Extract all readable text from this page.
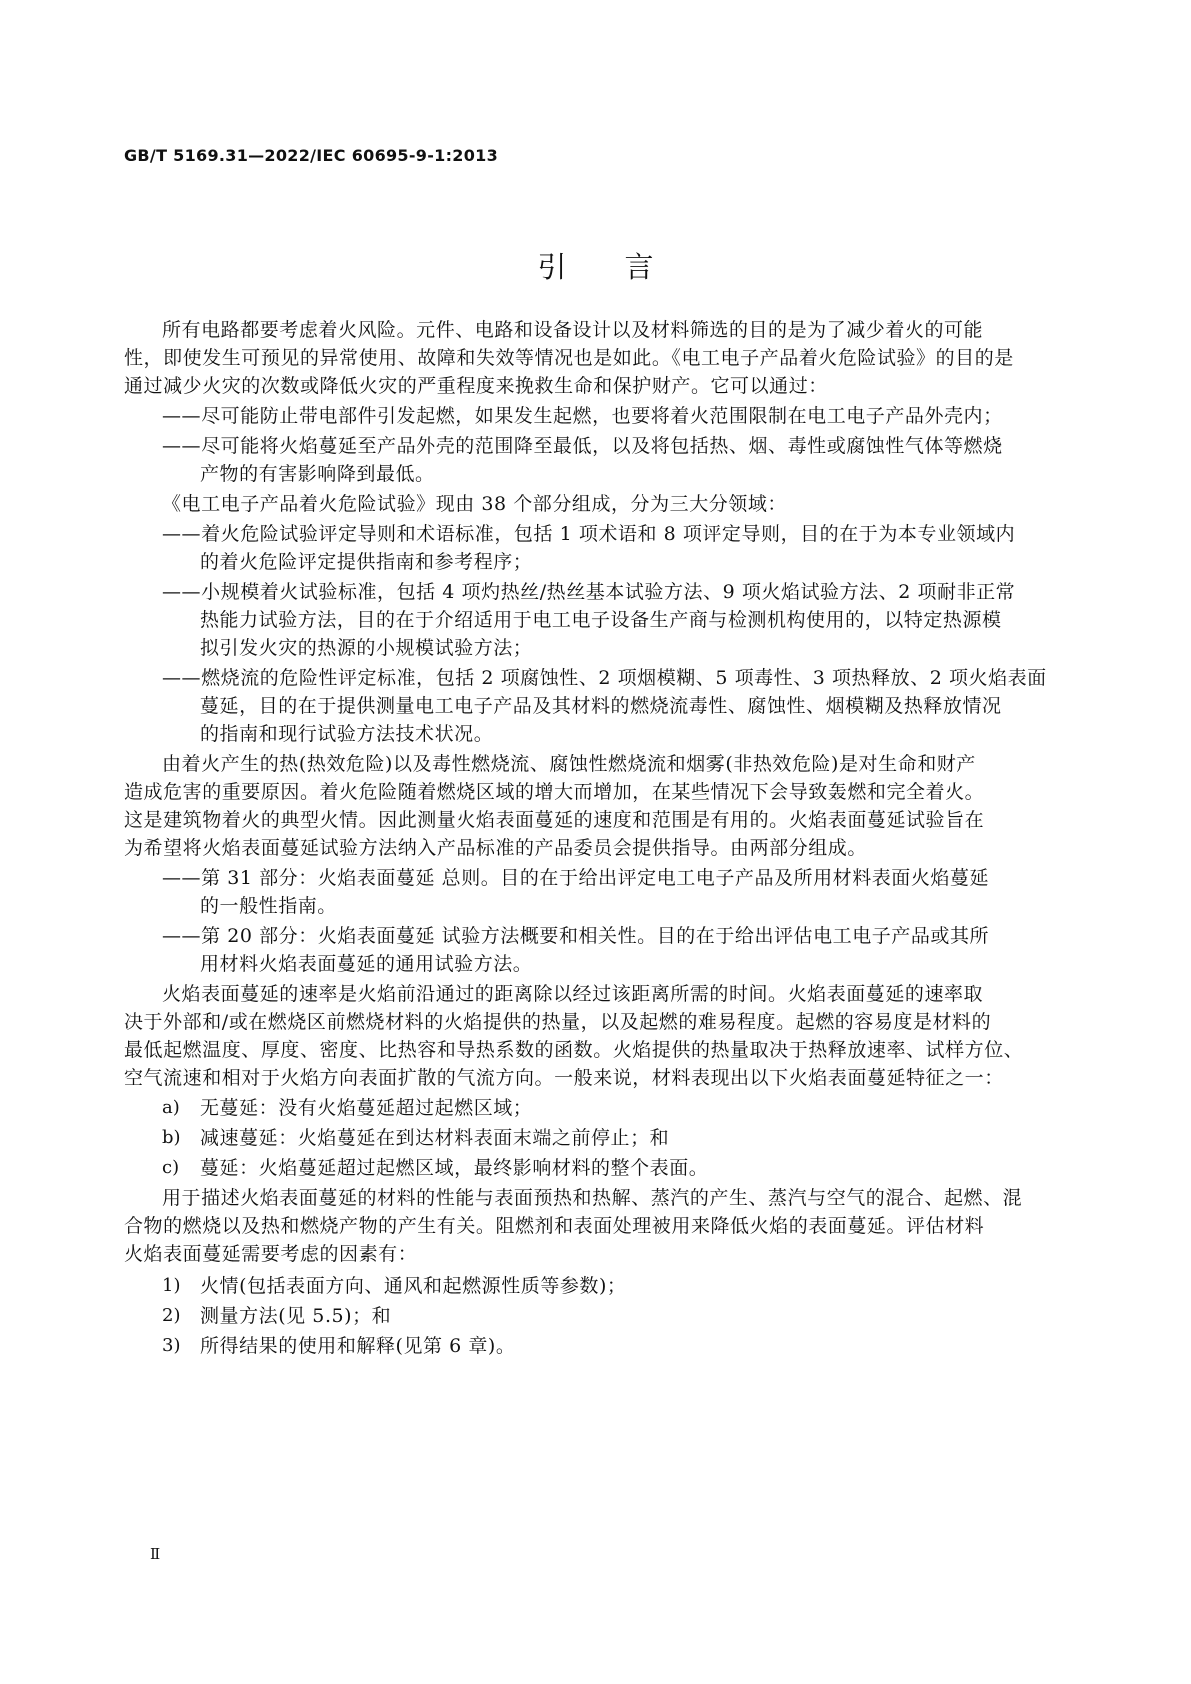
GB/T 5169.31—2022/IEC 60695-9-1:2013
引言
所有电路都要考虑着火风险。元件、电路和设备设计以及材料筛选的目的是为了减少着火的可能
性，即使发生可预见的异常使用、故障和失效等情况也是如此。《电工电子产品着火危险试验》的目的是
通过减少火灾的次数或降低火灾的严重程度来挽救生命和保护财产。它可以通过：
——尽可能防止带电部件引发起燃，如果发生起燃，也要将着火范围限制在电工电子产品外壳内；
——尽可能将火焰蔓延至产品外壳的范围降至最低，以及将包括热、烟、毒性或腐蚀性气体等燃烧
产物的有害影响降到最低。
《电工电子产品着火危险试验》现由 38 个部分组成，分为三大分领域：
——着火危险试验评定导则和术语标准，包括 1 项术语和 8 项评定导则，目的在于为本专业领域内
的着火危险评定提供指南和参考程序；
——小规模着火试验标准，包括 4 项灼热丝/热丝基本试验方法、9 项火焰试验方法、2 项耐非正常
热能力试验方法，目的在于介绍适用于电工电子设备生产商与检测机构使用的，以特定热源模
拟引发火灾的热源的小规模试验方法；
——燃烧流的危险性评定标准，包括 2 项腐蚀性、2 项烟模糊、5 项毒性、3 项热释放、2 项火焰表面
蔓延，目的在于提供测量电工电子产品及其材料的燃烧流毒性、腐蚀性、烟模糊及热释放情况
的指南和现行试验方法技术状况。
由着火产生的热(热效危险)以及毒性燃烧流、腐蚀性燃烧流和烟雾(非热效危险)是对生命和财产
造成危害的重要原因。着火危险随着燃烧区域的增大而增加，在某些情况下会导致轰燃和完全着火。
这是建筑物着火的典型火情。因此测量火焰表面蔓延的速度和范围是有用的。火焰表面蔓延试验旨在
为希望将火焰表面蔓延试验方法纳入产品标准的产品委员会提供指导。由两部分组成。
——第 31 部分：火焰表面蔓延 总则。目的在于给出评定电工电子产品及所用材料表面火焰蔓延
的一般性指南。
——第 20 部分：火焰表面蔓延 试验方法概要和相关性。目的在于给出评估电工电子产品或其所
用材料火焰表面蔓延的通用试验方法。
火焰表面蔓延的速率是火焰前沿通过的距离除以经过该距离所需的时间。火焰表面蔓延的速率取
决于外部和/或在燃烧区前燃烧材料的火焰提供的热量，以及起燃的难易程度。起燃的容易度是材料的
最低起燃温度、厚度、密度、比热容和导热系数的函数。火焰提供的热量取决于热释放速率、试样方位、
空气流速和相对于火焰方向表面扩散的气流方向。一般来说，材料表现出以下火焰表面蔓延特征之一：
a) 无蔓延：没有火焰蔓延超过起燃区域；
b) 减速蔓延：火焰蔓延在到达材料表面末端之前停止；和
c) 蔓延：火焰蔓延超过起燃区域，最终影响材料的整个表面。
用于描述火焰表面蔓延的材料的性能与表面预热和热解、蒸汽的产生、蒸汽与空气的混合、起燃、混
合物的燃烧以及热和燃烧产物的产生有关。阻燃剂和表面处理被用来降低火焰的表面蔓延。评估材料
火焰表面蔓延需要考虑的因素有：
1) 火情(包括表面方向、通风和起燃源性质等参数)；
2) 测量方法(见 5.5)；和
3) 所得结果的使用和解释(见第 6 章)。
Ⅱ
